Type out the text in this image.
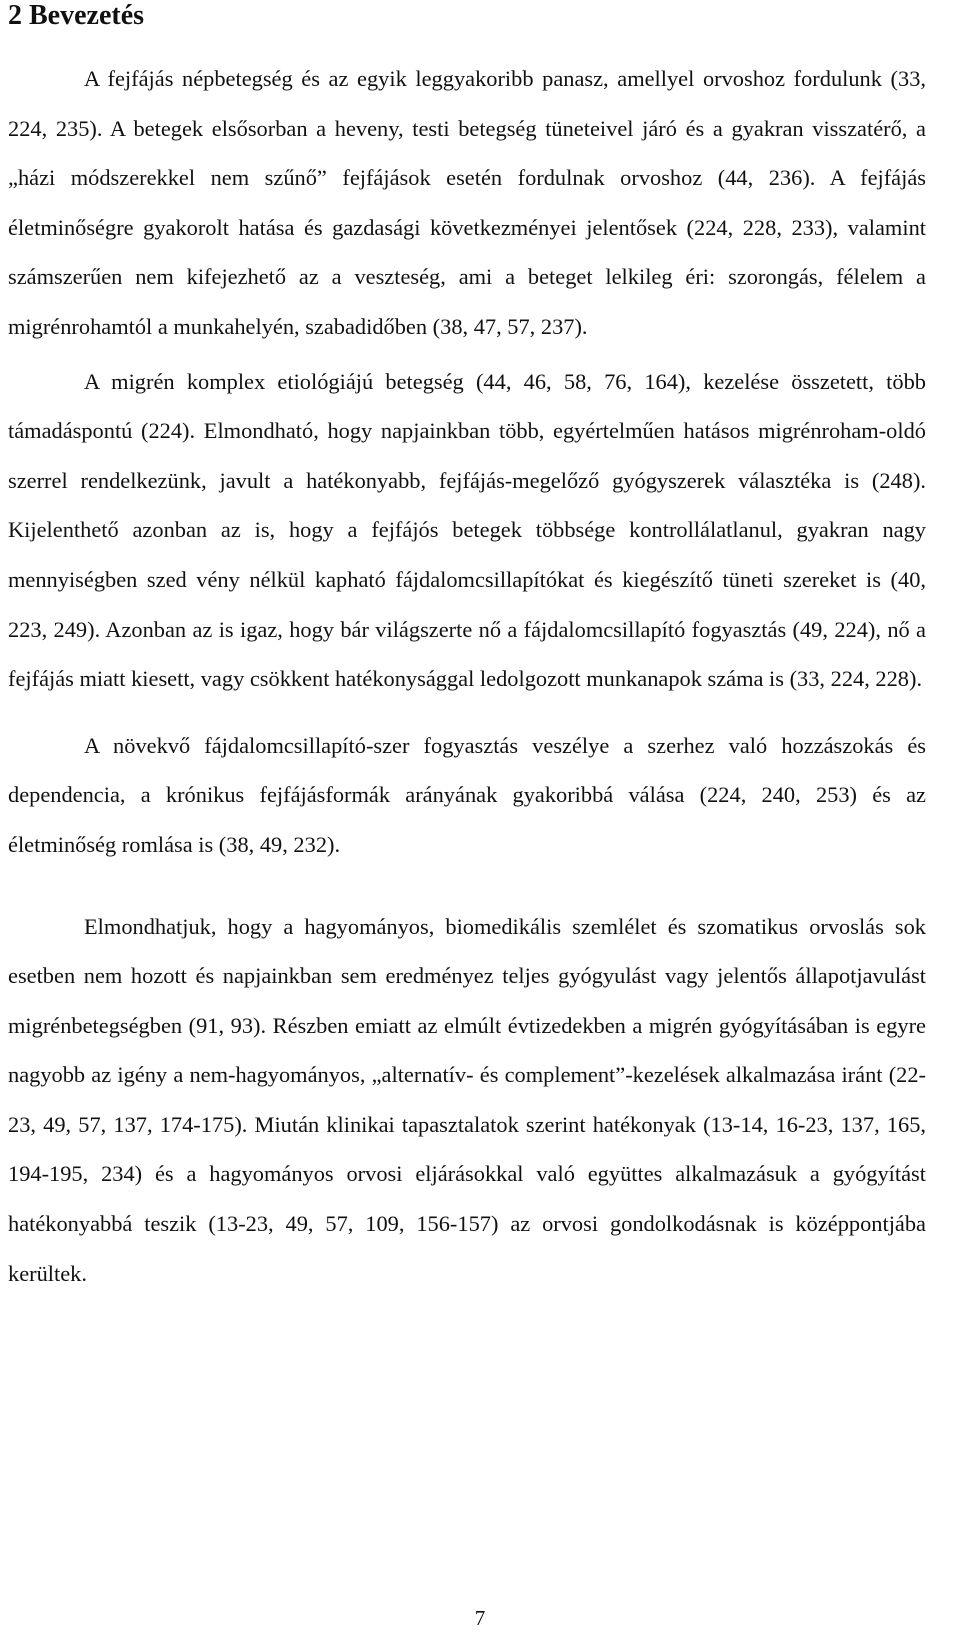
2 Bevezetés

A fejfájás népbetegség és az egyik leggyakoribb panasz, amellyel orvoshoz fordulunk (33, 224, 235). A betegek elsősorban a heveny, testi betegség tüneteivel járó és a gyakran visszatérő, a „házi módszerekkel nem szűnő” fejfájások esetén fordulnak orvoshoz (44, 236). A fejfájás életminőségre gyakorolt hatása és gazdasági következményei jelentősek (224, 228, 233), valamint számszerűen nem kifejezhető az a veszteség, ami a beteget lelkileg éri: szorongás, félelem a migrénrohamtól a munkahelyén, szabadidőben (38, 47, 57, 237).

A migrén komplex etiológiájú betegség (44, 46, 58, 76, 164), kezelése összetett, több támadáspontú (224). Elmondható, hogy napjainkban több, egyértelműen hatásos migrénroham-oldó szerrel rendelkezünk, javult a hatékonyabb, fejfájás-megelőző gyógyszerek választéka is (248). Kijelenthető azonban az is, hogy a fejfájós betegek többsége kontrollálatlanul, gyakran nagy mennyiségben szed vény nélkül kapható fájdalomcsillapítókat és kiegészítő tüneti szereket is (40, 223, 249). Azonban az is igaz, hogy bár világszerte nő a fájdalomcsillapító fogyasztás (49, 224), nő a fejfájás miatt kiesett, vagy csökkent hatékonysággal ledolgozott munkanapok száma is (33, 224, 228).

A növekvő fájdalomcsillapító-szer fogyasztás veszélye a szerhez való hozzászokás és dependencia, a krónikus fejfájásformák arányának gyakoribbá válása (224, 240, 253) és az életminőség romlása is (38, 49, 232).

Elmondhatjuk, hogy a hagyományos, biomedikális szemlélet és szomatikus orvoslás sok esetben nem hozott és napjainkban sem eredményez teljes gyógyulást vagy jelentős állapotjavulást migrénbetegségben (91, 93). Részben emiatt az elmúlt évtizedekben a migrén gyógyításában is egyre nagyobb az igény a nem-hagyományos, „alternatív- és complement”-kezelések alkalmazása iránt (22-23, 49, 57, 137, 174-175). Miután klinikai tapasztalatok szerint hatékonyak (13-14, 16-23, 137, 165, 194-195, 234) és a hagyományos orvosi eljárásokkal való együttes alkalmazásuk a gyógyítást hatékonyabbá teszik (13-23, 49, 57, 109, 156-157) az orvosi gondolkodásnak is középpontjába kerültek.

7
